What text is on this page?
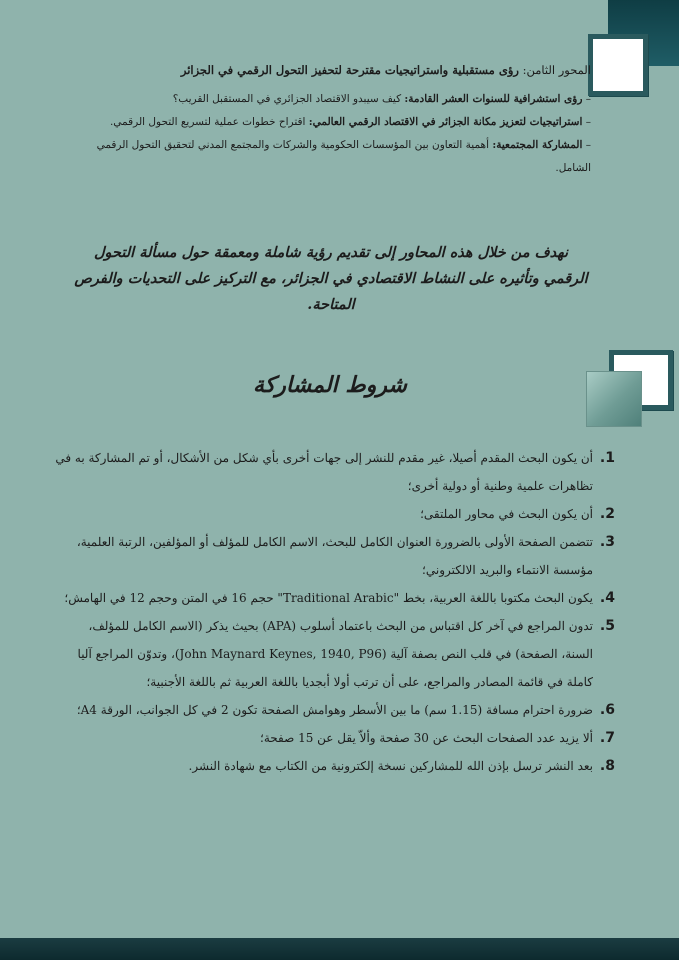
المحور الثامن: رؤى مستقبلية واستراتيجيات مقترحة لتحفيز التحول الرقمي في الجزائر

– رؤى استشرافية للسنوات العشر القادمة: كيف سيبدو الاقتصاد الجزائري في المستقبل القريب؟

– استراتيجيات لتعزيز مكانة الجزائر في الاقتصاد الرقمي العالمي: اقتراح خطوات عملية لتسريع التحول الرقمي.

– المشاركة المجتمعية: أهمية التعاون بين المؤسسات الحكومية والشركات والمجتمع المدني لتحقيق التحول الرقمي الشامل.

نهدف من خلال هذه المحاور إلى تقديم رؤية شاملة ومعمقة حول مسألة التحول الرقمي وتأثيره على النشاط الاقتصادي في الجزائر، مع التركيز على التحديات والفرص المتاحة.
شروط المشاركة
1.
أن يكون البحث المقدم أصيلا، غير مقدم للنشر إلى جهات أخرى بأي شكل من الأشكال، أو تم المشاركة به في تظاهرات علمية وطنية أو دولية أخرى؛
2.
أن يكون البحث في محاور الملتقى؛
3.
تتضمن الصفحة الأولى بالضرورة العنوان الكامل للبحث، الاسم الكامل للمؤلف أو المؤلفين، الرتبة العلمية، مؤسسة الانتماء والبريد الالكتروني؛
4.
يكون البحث مكتوبا باللغة العربية، بخط "Traditional Arabic" حجم 16 في المتن وحجم 12 في الهامش؛
5.
تدون المراجع في آخر كل اقتباس من البحث باعتماد أسلوب (APA) بحيث يذكر (الاسم الكامل للمؤلف، السنة، الصفحة) في قلب النص بصفة آلية (John Maynard Keynes, 1940, P96)، وتدوّن المراجع آليا كاملة في قائمة المصادر والمراجع، على أن ترتب أولا أبجديا باللغة العربية ثم باللغة الأجنبية؛
6.
ضرورة احترام مسافة (1.15 سم) ما بين الأسطر وهوامش الصفحة تكون 2 في كل الجوانب، الورقة A4؛
7.
ألا يزيد عدد الصفحات البحث عن 30 صفحة وألاّ يقل عن 15 صفحة؛
8.
بعد النشر ترسل بإذن الله للمشاركين نسخة إلكترونية من الكتاب مع شهادة النشر.
